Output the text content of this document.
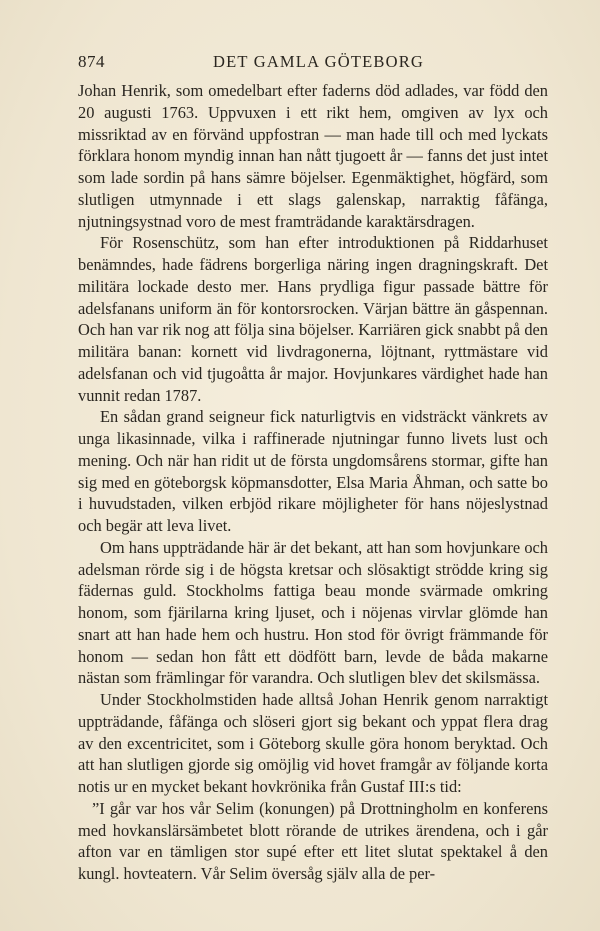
874	DET GAMLA GÖTEBORG

Johan Henrik, som omedelbart efter faderns död adlades, var född den 20 augusti 1763. Uppvuxen i ett rikt hem, omgiven av lyx och missriktad av en förvänd uppfostran — man hade till och med lyckats förklara honom myndig innan han nått tjugoett år — fanns det just intet som lade sordin på hans sämre böjelser. Egenmäktighet, högfärd, som slutligen utmynnade i ett slags galenskap, narraktig fåfänga, njutningsystnad voro de mest framträdande karaktärsdragen.

För Rosenschütz, som han efter introduktionen på Riddarhuset benämndes, hade fädrens borgerliga näring ingen dragningskraft. Det militära lockade desto mer. Hans prydliga figur passade bättre för adelsfanans uniform än för kontorsrocken. Värjan bättre än gåspennan. Och han var rik nog att följa sina böjelser. Karriären gick snabbt på den militära banan: kornett vid livdragonerna, löjtnant, ryttmästare vid adelsfanan och vid tjugoåtta år major. Hovjunkares värdighet hade han vunnit redan 1787.

En sådan grand seigneur fick naturligtvis en vidsträckt vänkrets av unga likasinnade, vilka i raffinerade njutningar funno livets lust och mening. Och när han ridit ut de första ungdomsårens stormar, gifte han sig med en göteborgsk köpmansdotter, Elsa Maria Åhman, och satte bo i huvudstaden, vilken erbjöd rikare möjligheter för hans nöjeslystnad och begär att leva livet.

Om hans uppträdande här är det bekant, att han som hovjunkare och adelsman rörde sig i de högsta kretsar och slösaktigt strödde kring sig fädernas guld. Stockholms fattiga beau monde svärmade omkring honom, som fjärilarna kring ljuset, och i nöjenas virvlar glömde han snart att han hade hem och hustru. Hon stod för övrigt främmande för honom — sedan hon fått ett dödfött barn, levde de båda makarne nästan som främlingar för varandra. Och slutligen blev det skilsmässa.

Under Stockholmstiden hade alltså Johan Henrik genom narraktigt uppträdande, fåfänga och slöseri gjort sig bekant och yppat flera drag av den excentricitet, som i Göteborg skulle göra honom beryktad. Och att han slutligen gjorde sig omöjlig vid hovet framgår av följande korta notis ur en mycket bekant hovkrönika från Gustaf III:s tid:

”I går var hos vår Selim (konungen) på Drottningholm en konferens med hovkanslärsämbetet blott rörande de utrikes ärendena, och i går afton var en tämligen stor supé efter ett litet slutat spektakel å den kungl. hovteatern. Vår Selim översåg själv alla de per-
